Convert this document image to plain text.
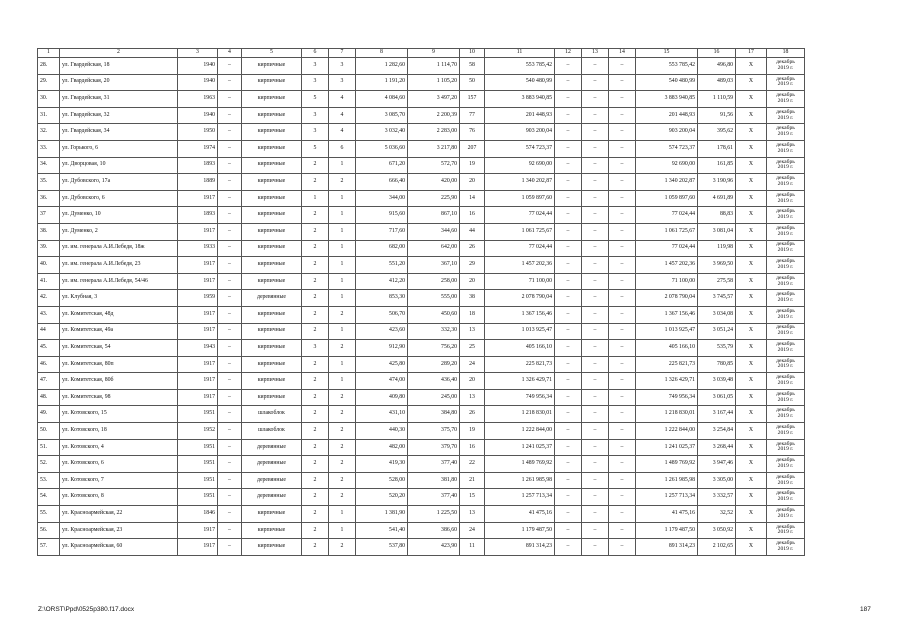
1	2	3	4	5	6	7	8	9	10	11	12	13	14	15	16	17	18
28.	ул. Гвардейская, 18	1940	–	кирпичные	3	3	1 282,60	1 114,70	58	553 785,42	–	–	–	553 785,42	496,80	X	декабрь
2019 г.

29.	ул. Гвардейская, 20	1940	–	кирпичные	3	3	1 191,20	1 105,20	50	540 480,99	–	–	–	540 480,99	489,03	X	декабрь
2019 г.

30.	ул. Гвардейская, 31	1963	–	кирпичные	5	4	4 084,60	3 497,20	157	3 883 940,85	–	–	–	3 883 940,85	1 110,59	X	декабрь
2019 г.

31.	ул. Гвардейская, 32	1940	–	кирпичные	3	4	3 085,70	2 200,39	77	201 448,93	–	–	–	201 448,93	91,56	X	декабрь
2019 г.

32.	ул. Гвардейская, 34	1950	–	кирпичные	3	4	3 032,40	2 283,00	76	903 200,04	–	–	–	903 200,04	395,62	X	декабрь
2019 г.

33.	ул. Горького, 6	1974	–	кирпичные	5	6	5 036,60	3 217,80	207	574 723,37	–	–	–	574 723,37	178,61	X	декабрь
2019 г.

34.	ул. Дворцовая, 10	1893	–	кирпичные	2	1	671,20	572,70	19	92 690,00	–	–	–	92 690,00	161,85	X	декабрь
2019 г.

35.	ул. Дубовского, 17а	1889	–	кирпичные	2	2	666,40	420,00	20	1 340 202,87	–	–	–	1 340 202,87	3 190,96	X	декабрь
2019 г.

36.	ул. Дубовского, 6	1917	–	кирпичные	1	1	344,00	225,90	14	1 059 897,60	–	–	–	1 059 897,60	4 691,89	X	декабрь
2019 г.

37	ул. Думенко, 10	1893	–	кирпичные	2	1	915,60	867,10	16	77 024,44	–	–	–	77 024,44	88,83	X	декабрь
2019 г.

38.	ул. Думенко, 2	1917	–	кирпичные	2	1	717,60	344,60	44	1 061 725,67	–	–	–	1 061 725,67	3 081,04	X	декабрь
2019 г.

39.	ул. им. генерала А.И.Лебедя, 18ж	1933	–	кирпичные	2	1	682,00	642,00	26	77 024,44	–	–	–	77 024,44	119,98	X	декабрь
2019 г.

40.	ул. им. генерала А.И.Лебедя, 23	1917	–	кирпичные	2	1	551,20	367,10	29	1 457 202,36	–	–	–	1 457 202,36	3 969,50	X	декабрь
2019 г.

41.	ул. им. генерала А.И.Лебедя, 54/46	1917	–	кирпичные	2	1	412,20	258,00	20	71 100,00	–	–	–	71 100,00	275,58	X	декабрь
2019 г.

42.	ул. Клубная, 3	1959	–	деревянные	2	1	853,30	555,00	38	2 078 790,04	–	–	–	2 078 790,04	3 745,57	X	декабрь
2019 г.

43.	ул. Комитетская, 48д	1917	–	кирпичные	2	2	506,70	450,60	18	1 367 156,46	–	–	–	1 367 156,46	3 034,08	X	декабрь
2019 г.

44	ул. Комитетская, 49а	1917	–	кирпичные	2	1	423,60	332,30	13	1 013 925,47	–	–	–	1 013 925,47	3 051,24	X	декабрь
2019 г.

45.	ул. Комитетская, 54	1943	–	кирпичные	3	2	912,90	756,20	25	405 166,10	–	–	–	405 166,10	535,79	X	декабрь
2019 г.

46.	ул. Комитетская, 80п	1917	–	кирпичные	2	1	425,80	289,20	24	225 821,73	–	–	–	225 821,73	780,85	X	декабрь
2019 г.

47.	ул. Комитетская, 80б	1917	–	кирпичные	2	1	474,00	436,40	20	1 326 429,71	–	–	–	1 326 429,71	3 039,48	X	декабрь
2019 г.

48.	ул. Комитетская, 98	1917	–	кирпичные	2	2	409,80	245,00	13	749 956,34	–	–	–	749 956,34	3 061,05	X	декабрь
2019 г.

49.	ул. Котовского, 15	1951	–	шлакоблок	2	2	431,10	384,80	26	1 218 830,01	–	–	–	1 218 830,01	3 167,44	X	декабрь
2019 г.

50.	ул. Котовского, 18	1952	–	шлакоблок	2	2	440,30	375,70	19	1 222 844,00	–	–	–	1 222 844,00	3 254,84	X	декабрь
2019 г.

51.	ул. Котовского, 4	1951	–	деревянные	2	2	482,00	379,70	16	1 241 025,37	–	–	–	1 241 025,37	3 268,44	X	декабрь
2019 г.

52.	ул. Котовского, 6	1951	–	деревянные	2	2	419,30	377,40	22	1 489 769,92	–	–	–	1 489 769,92	3 947,46	X	декабрь
2019 г.

53.	ул. Котовского, 7	1951	–	деревянные	2	2	528,00	381,80	21	1 261 985,98	–	–	–	1 261 985,98	3 305,00	X	декабрь
2019 г.

54.	ул. Котовского, 8	1951	–	деревянные	2	2	520,20	377,40	15	1 257 713,34	–	–	–	1 257 713,34	3 332,57	X	декабрь
2019 г.

55.	ул. Красноармейская, 22	1846	–	кирпичные	2	1	1 381,90	1 225,50	13	41 475,16	–	–	–	41 475,16	32,52	X	декабрь
2019 г.

56.	ул. Красноармейская, 23	1917	–	кирпичные	2	1	541,40	386,60	24	1 179 487,50	–	–	–	1 179 487,50	3 050,92	X	декабрь
2019 г.

57.	ул. Красноармейская, 60	1917	–	кирпичные	2	2	537,80	423,90	11	891 314,23	–	–	–	891 314,23	2 102,65	X	декабрь
2019 г.
Z:\ORST\Ppd\0525p380.f17.docx	187
